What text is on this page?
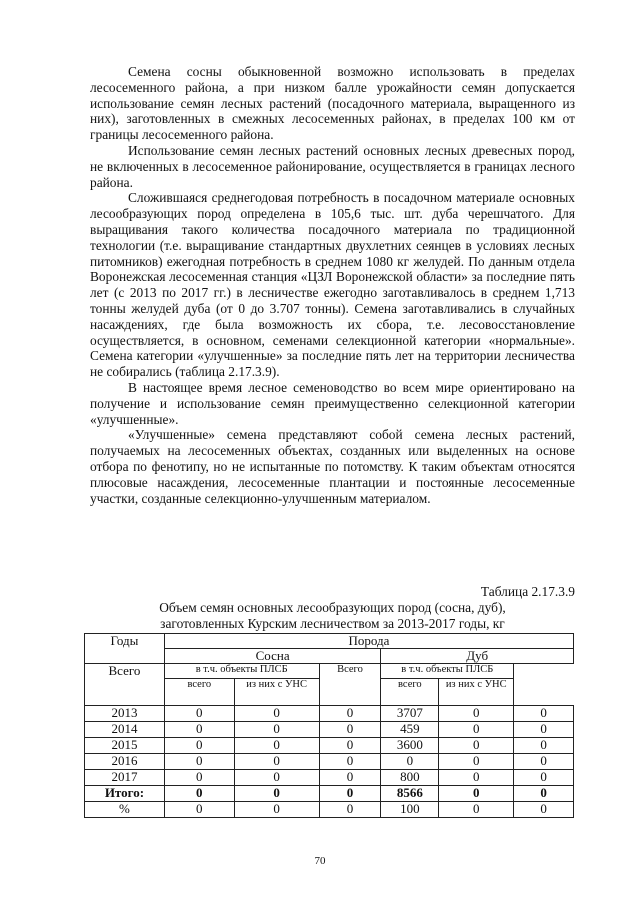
Семена сосны обыкновенной возможно использовать в пределах лесосеменного района, а при низком балле урожайности семян допускается использование семян лесных растений (посадочного материала, выращенного из них), заготовленных в смежных лесосеменных районах, в пределах 100 км от границы лесосеменного района.

Использование семян лесных растений основных лесных древесных пород, не включенных в лесосеменное районирование, осуществляется в границах лесного района.

Сложившаяся среднегодовая потребность в посадочном материале основных лесообразующих пород определена в 105,6 тыс. шт. дуба черешчатого. Для выращивания такого количества посадочного материала по традиционной технологии (т.е. выращивание стандартных двухлетних сеянцев в условиях лесных питомников) ежегодная потребность в среднем 1080 кг желудей. По данным отдела Воронежская лесосеменная станция «ЦЗЛ Воронежской области» за последние пять лет (с 2013 по 2017 гг.) в лесничестве ежегодно заготавливалось в среднем 1,713 тонны желудей дуба (от 0 до 3.707 тонны). Семена заготавливались в случайных насаждениях, где была возможность их сбора, т.е. лесовосстановление осуществляется, в основном, семенами селекционной категории «нормальные». Семена категории «улучшенные» за последние пять лет на территории лесничества не собирались (таблица 2.17.3.9).

В настоящее время лесное семеноводство во всем мире ориентировано на получение и использование семян преимущественно селекционной категории «улучшенные».

«Улучшенные» семена представляют собой семена лесных растений, получаемых на лесосеменных объектах, созданных или выделенных на основе отбора по фенотипу, но не испытанные по потомству. К таким объектам относятся плюсовые насаждения, лесосеменные плантации и постоянные лесосеменные участки, созданные селекционно-улучшенным материалом.

Таблица 2.17.3.9
Объем семян основных лесообразующих пород (сосна, дуб),
заготовленных Курским лесничеством за 2013-2017 годы, кг
Годы	Порода					
	Сосна			Дуб		
Всего	в т.ч. объекты ПЛСБ		Всего	в т.ч. объекты ПЛСБ		
	всего	из них с УНС		всего	из них с УНС	
2013	0	0	0	3707	0	0
2014	0	0	0	459	0	0
2015	0	0	0	3600	0	0
2016	0	0	0	0	0	0
2017	0	0	0	800	0	0
Итого:	0	0	0	8566	0	0
%	0	0	0	100	0	0
70
